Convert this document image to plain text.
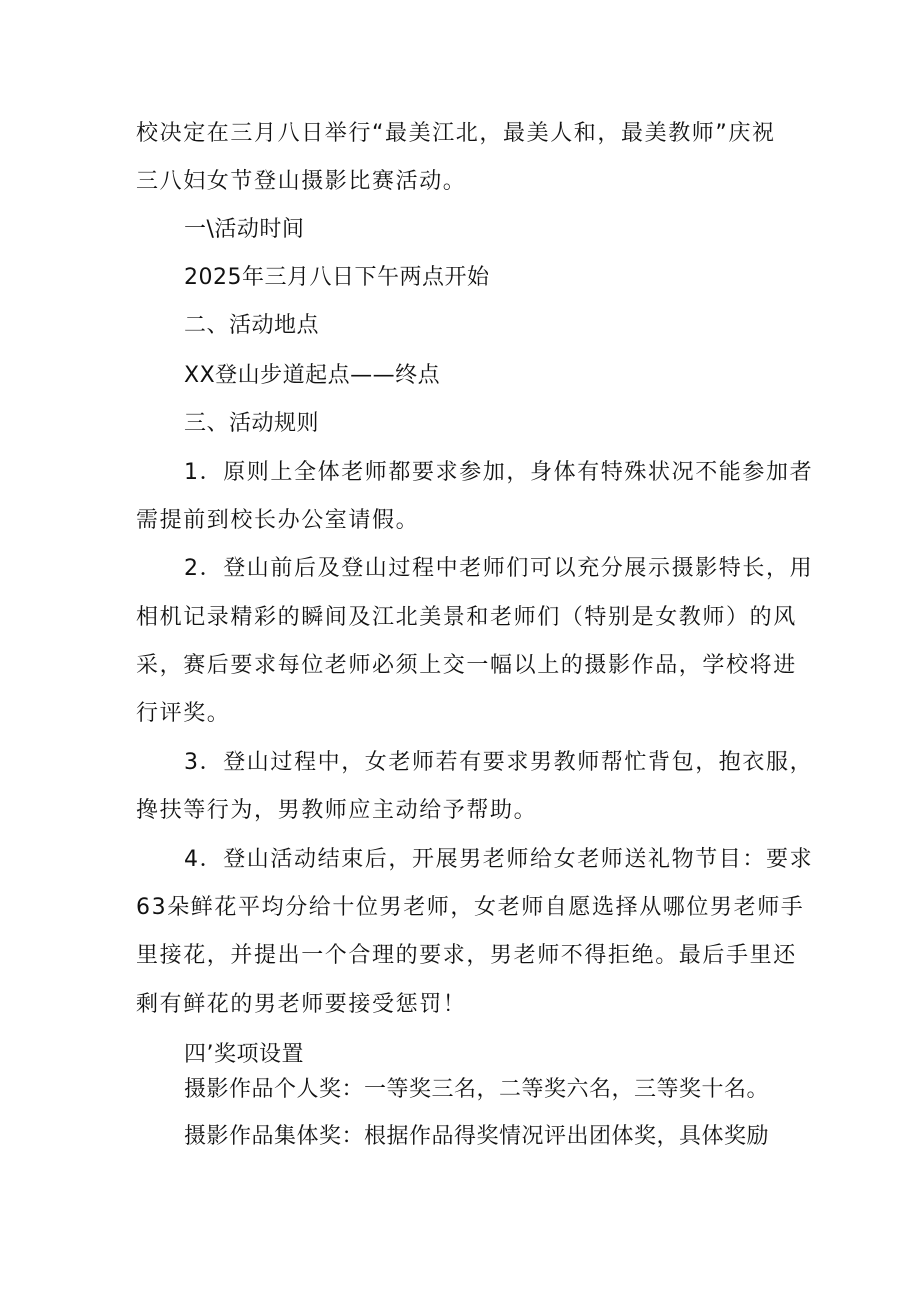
校决定在三月八日举行“最美江北，最美人和，最美教师”庆祝
三八妇女节登山摄影比赛活动。
一\活动时间
2025年三月八日下午两点开始
二、活动地点
XX登山步道起点——终点
三、活动规则
1．原则上全体老师都要求参加，身体有特殊状况不能参加者
需提前到校长办公室请假。
2．登山前后及登山过程中老师们可以充分展示摄影特长，用
相机记录精彩的瞬间及江北美景和老师们（特别是女教师）的风
采，赛后要求每位老师必须上交一幅以上的摄影作品，学校将进
行评奖。
3．登山过程中，女老师若有要求男教师帮忙背包，抱衣服，
搀扶等行为，男教师应主动给予帮助。
4．登山活动结束后，开展男老师给女老师送礼物节目：要求
63朵鲜花平均分给十位男老师，女老师自愿选择从哪位男老师手
里接花，并提出一个合理的要求，男老师不得拒绝。最后手里还
剩有鲜花的男老师要接受惩罚！
四’奖项设置
摄影作品个人奖：一等奖三名，二等奖六名，三等奖十名。
摄影作品集体奖：根据作品得奖情况评出团体奖，具体奖励
